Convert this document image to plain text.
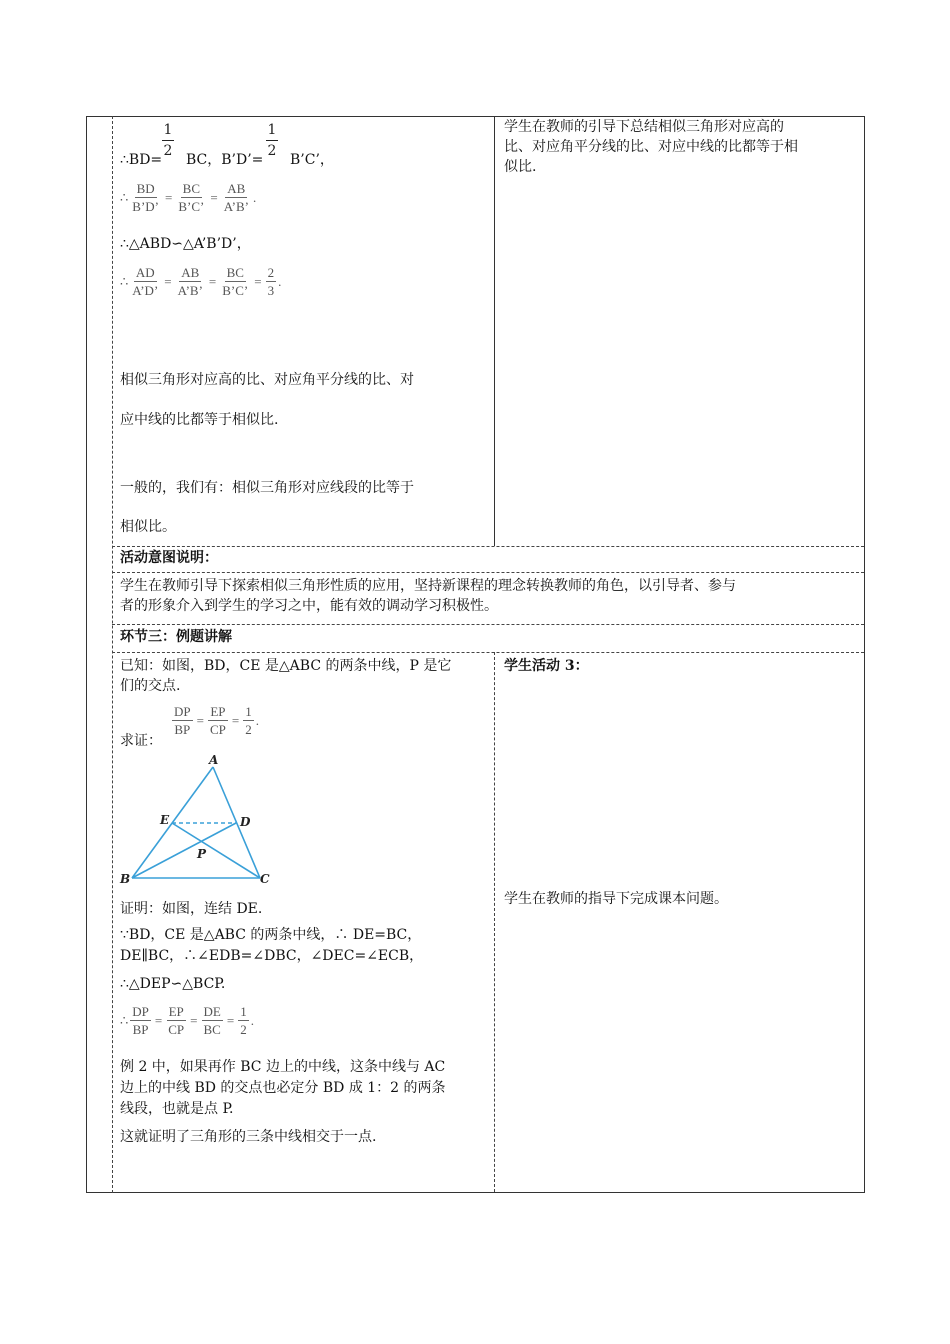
∴BD= $\frac{1}{2}$ BC，B’D’= $\frac{1}{2}$ B’C’，
∴ $\frac{BD}{B’D’} = \frac{BC}{B’C’} = \frac{AB}{A’B’}$ .
∴△ABD∽△A’B’D’，
∴ $\frac{AD}{A’D’} = \frac{AB}{A’B’} = \frac{BC}{B’C’} = \frac{2}{3}$ .
相似三角形对应高的比、对应角平分线的比、对
应中线的比都等于相似比.
一般的，我们有：相似三角形对应线段的比等于
相似比。
学生在教师的引导下总结相似三角形对应高的
比、对应角平分线的比、对应中线的比都等于相
似比.
活动意图说明：
学生在教师引导下探索相似三角形性质的应用，坚持新课程的理念转换教师的角色，以引导者、参与
者的形象介入到学生的学习之中，能有效的调动学习积极性。
环节三：例题讲解
已知：如图，BD，CE 是△ABC 的两条中线，P 是它
们的交点.
求证：
$\frac{DP}{BP} = \frac{EP}{CP} = \frac{1}{2}$ .
A
E	D
P
B	C
证明：如图，连结 DE.
∵BD，CE 是△ABC 的两条中线，∴ DE=BC，
DE∥BC，∴∠EDB=∠DBC，∠DEC=∠ECB，
∴△DEP∽△BCP.
∴ $\frac{DP}{BP} = \frac{EP}{CP} = \frac{DE}{BC} = \frac{1}{2}$ .
例 2 中，如果再作 BC 边上的中线，这条中线与 AC
边上的中线 BD 的交点也必定分 BD 成 1：2 的两条
线段，也就是点 P.
这就证明了三角形的三条中线相交于一点.
学生活动 3：
学生在教师的指导下完成课本问题。
